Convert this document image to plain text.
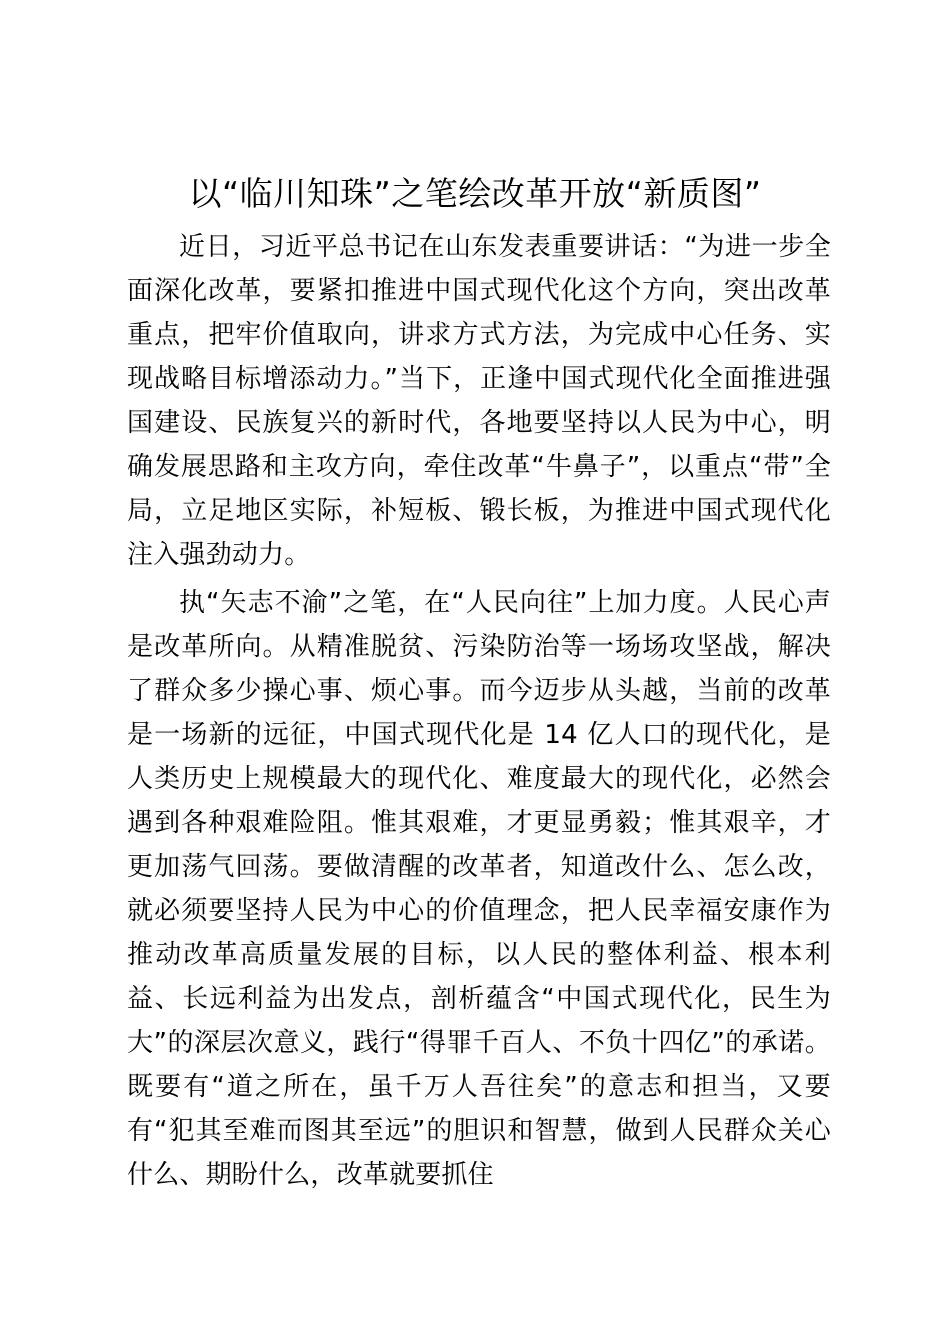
以“临川知珠”之笔绘改革开放“新质图”

近日，习近平总书记在山东发表重要讲话：“为进一步全面深化改革，要紧扣推进中国式现代化这个方向，突出改革重点，把牢价值取向，讲求方式方法，为完成中心任务、实现战略目标增添动力。”当下，正逢中国式现代化全面推进强国建设、民族复兴的新时代，各地要坚持以人民为中心，明确发展思路和主攻方向，牵住改革“牛鼻子”，以重点“带”全局，立足地区实际，补短板、锻长板，为推进中国式现代化注入强劲动力。

执“矢志不渝”之笔，在“人民向往”上加力度。人民心声是改革所向。从精准脱贫、污染防治等一场场攻坚战，解决了群众多少操心事、烦心事。而今迈步从头越，当前的改革是一场新的远征，中国式现代化是 14 亿人口的现代化，是人类历史上规模最大的现代化、难度最大的现代化，必然会遇到各种艰难险阻。惟其艰难，才更显勇毅；惟其艰辛，才更加荡气回荡。要做清醒的改革者，知道改什么、怎么改，就必须要坚持人民为中心的价值理念，把人民幸福安康作为推动改革高质量发展的目标，以人民的整体利益、根本利益、长远利益为出发点，剖析蕴含“中国式现代化，民生为大”的深层次意义，践行“得罪千百人、不负十四亿”的承诺。既要有“道之所在，虽千万人吾往矣”的意志和担当，又要有“犯其至难而图其至远”的胆识和智慧，做到人民群众关心什么、期盼什么，改革就要抓住
